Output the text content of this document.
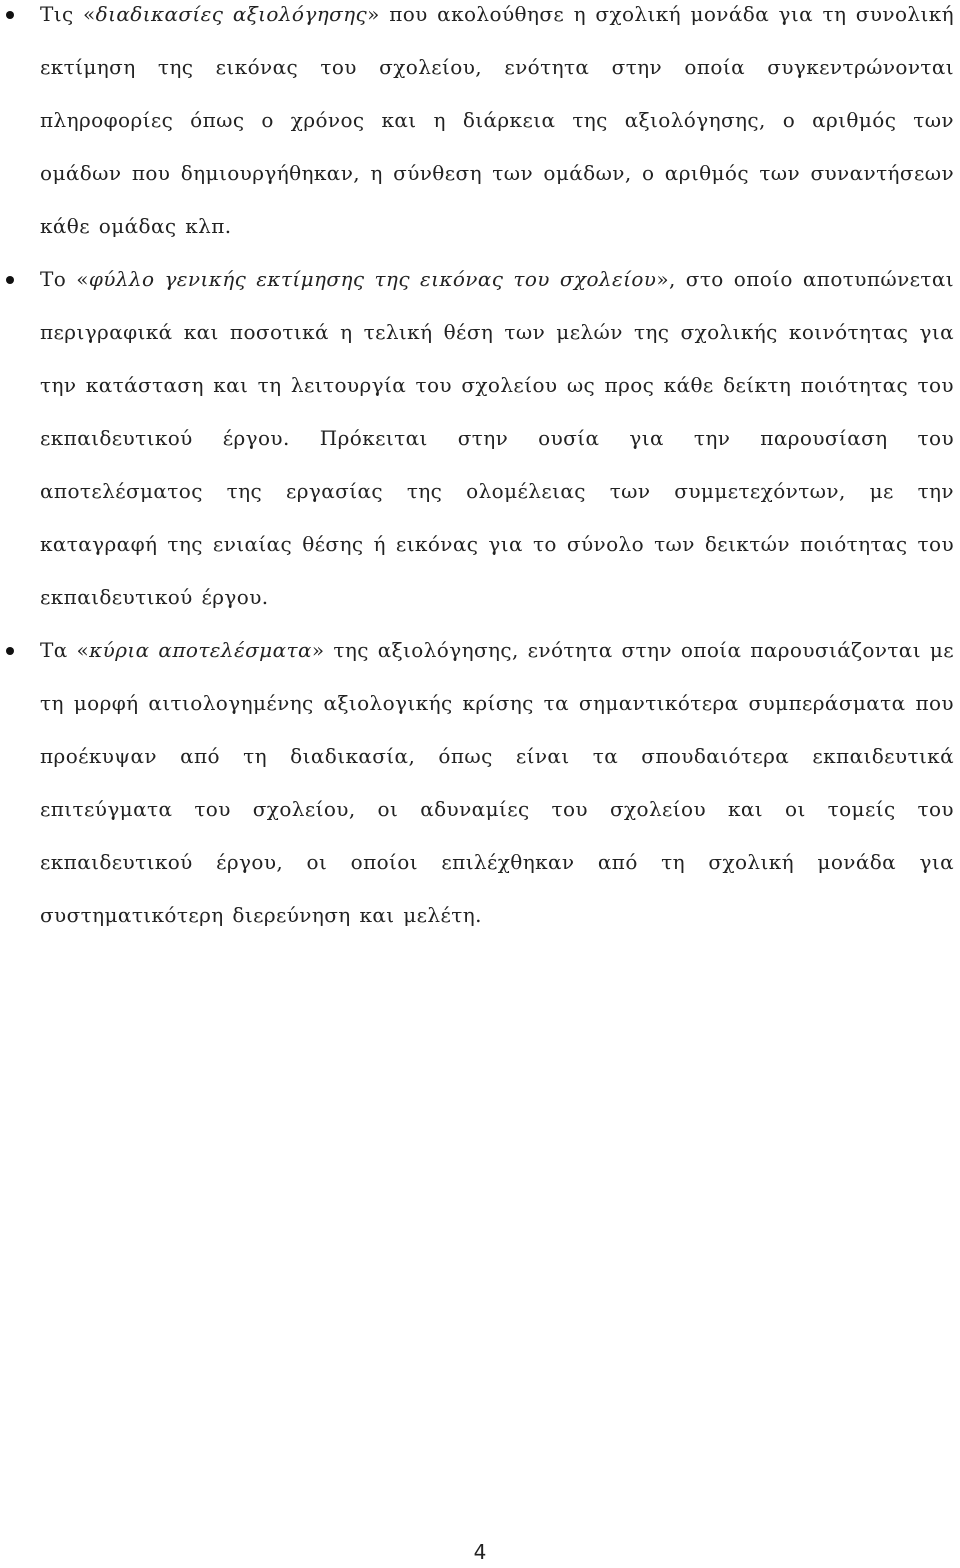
Τις «διαδικασίες αξιολόγησης» που ακολούθησε η σχολική μονάδα για τη συνολική εκτίμηση της εικόνας του σχολείου, ενότητα στην οποία συγκεντρώνονται πληροφορίες όπως ο χρόνος και η διάρκεια της αξιολόγησης, ο αριθμός των ομάδων που δημιουργήθηκαν, η σύνθεση των ομάδων, ο αριθμός των συναντήσεων κάθε ομάδας κλπ.
Το «φύλλο γενικής εκτίμησης της εικόνας του σχολείου», στο οποίο αποτυπώνεται περιγραφικά και ποσοτικά η τελική θέση των μελών της σχολικής κοινότητας για την κατάσταση και τη λειτουργία του σχολείου ως προς κάθε δείκτη ποιότητας του εκπαιδευτικού έργου. Πρόκειται στην ουσία για την παρουσίαση του αποτελέσματος της εργασίας της ολομέλειας των συμμετεχόντων, με την καταγραφή της ενιαίας θέσης ή εικόνας για το σύνολο των δεικτών ποιότητας του εκπαιδευτικού έργου.
Τα «κύρια αποτελέσματα» της αξιολόγησης, ενότητα στην οποία παρουσιάζονται με τη μορφή αιτιολογημένης αξιολογικής κρίσης τα σημαντικότερα συμπεράσματα που προέκυψαν από τη διαδικασία, όπως είναι τα σπουδαιότερα εκπαιδευτικά επιτεύγματα του σχολείου, οι αδυναμίες του σχολείου και οι τομείς του εκπαιδευτικού έργου, οι οποίοι επιλέχθηκαν από τη σχολική μονάδα για συστηματικότερη διερεύνηση και μελέτη.
4
